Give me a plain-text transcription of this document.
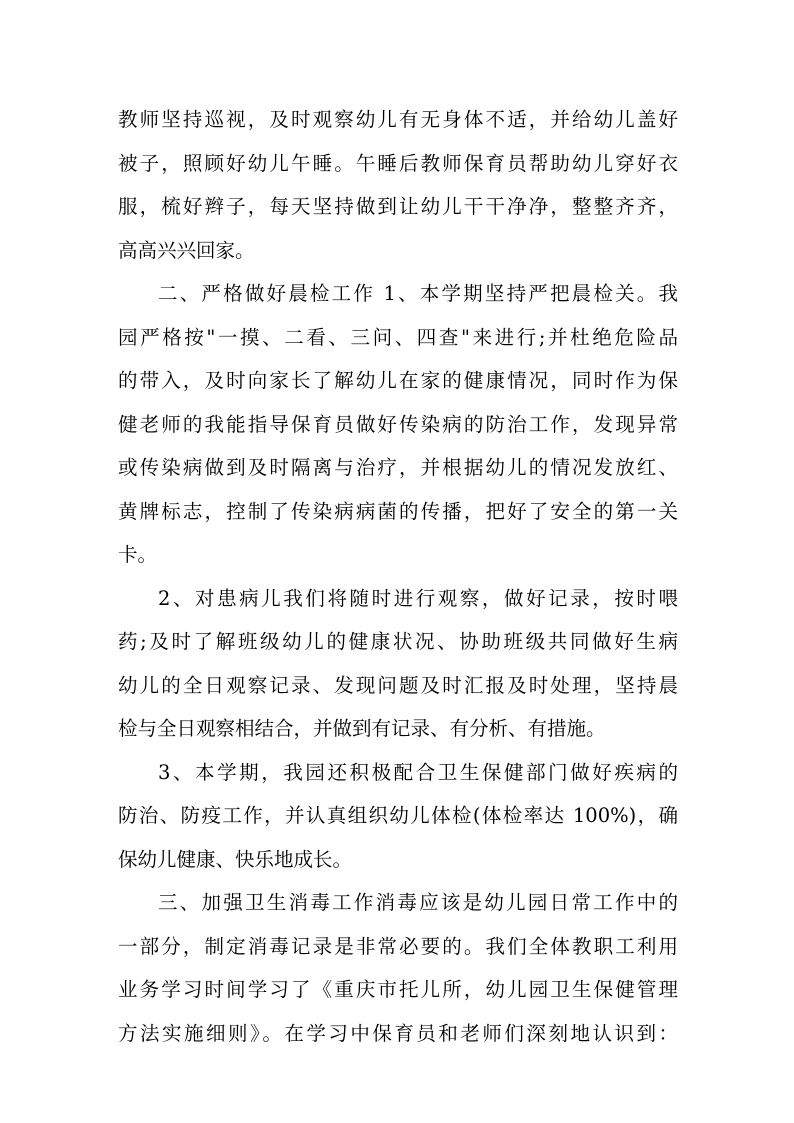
教师坚持巡视，及时观察幼儿有无身体不适，并给幼儿盖好
被子，照顾好幼儿午睡。午睡后教师保育员帮助幼儿穿好衣
服，梳好辫子，每天坚持做到让幼儿干干净净，整整齐齐，
高高兴兴回家。
二、严格做好晨检工作 1、本学期坚持严把晨检关。我
园严格按"一摸、二看、三问、四查"来进行;并杜绝危险品
的带入，及时向家长了解幼儿在家的健康情况，同时作为保
健老师的我能指导保育员做好传染病的防治工作，发现异常
或传染病做到及时隔离与治疗，并根据幼儿的情况发放红、
黄牌标志，控制了传染病病菌的传播，把好了安全的第一关
卡。
2、对患病儿我们将随时进行观察，做好记录，按时喂
药;及时了解班级幼儿的健康状况、协助班级共同做好生病
幼儿的全日观察记录、发现问题及时汇报及时处理，坚持晨
检与全日观察相结合，并做到有记录、有分析、有措施。
3、本学期，我园还积极配合卫生保健部门做好疾病的
防治、防疫工作，并认真组织幼儿体检(体检率达 100%)，确
保幼儿健康、快乐地成长。
三、加强卫生消毒工作消毒应该是幼儿园日常工作中的
一部分，制定消毒记录是非常必要的。我们全体教职工利用
业务学习时间学习了《重庆市托儿所，幼儿园卫生保健管理
方法实施细则》。在学习中保育员和老师们深刻地认识到：
